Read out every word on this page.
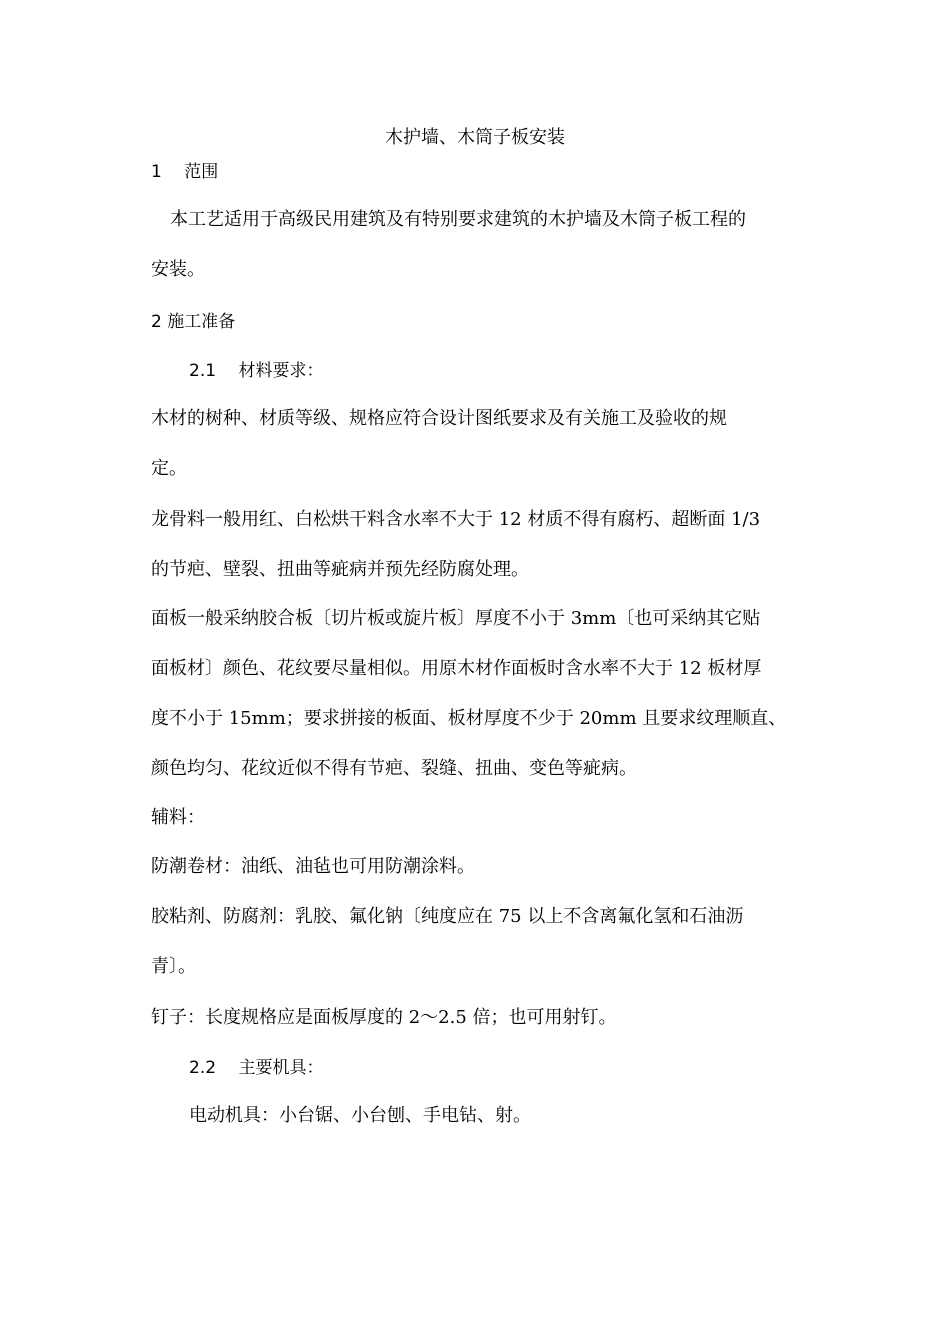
木护墙、木筒子板安装
1　 范围
本工艺适用于高级民用建筑及有特别要求建筑的木护墙及木筒子板工程的
安装。
2 施工准备
2.1　 材料要求：
木材的树种、材质等级、规格应符合设计图纸要求及有关施工及验收的规
定。
龙骨料一般用红、白松烘干料含水率不大于 12 材质不得有腐朽、超断面 1/3
的节疤、壁裂、扭曲等疵病并预先经防腐处理。
面板一般采纳胶合板〔切片板或旋片板〕厚度不小于 3mm〔也可采纳其它贴
面板材〕颜色、花纹要尽量相似。用原木材作面板时含水率不大于 12 板材厚
度不小于 15mm；要求拼接的板面、板材厚度不少于 20mm 且要求纹理顺直、
颜色均匀、花纹近似不得有节疤、裂缝、扭曲、变色等疵病。
辅料：
防潮卷材：油纸、油毡也可用防潮涂料。
胶粘剂、防腐剂：乳胶、氟化钠〔纯度应在 75 以上不含离氟化氢和石油沥
青〕。
钉子：长度规格应是面板厚度的 2～2.5 倍；也可用射钉。
2.2　 主要机具：
电动机具：小台锯、小台刨、手电钻、射。
